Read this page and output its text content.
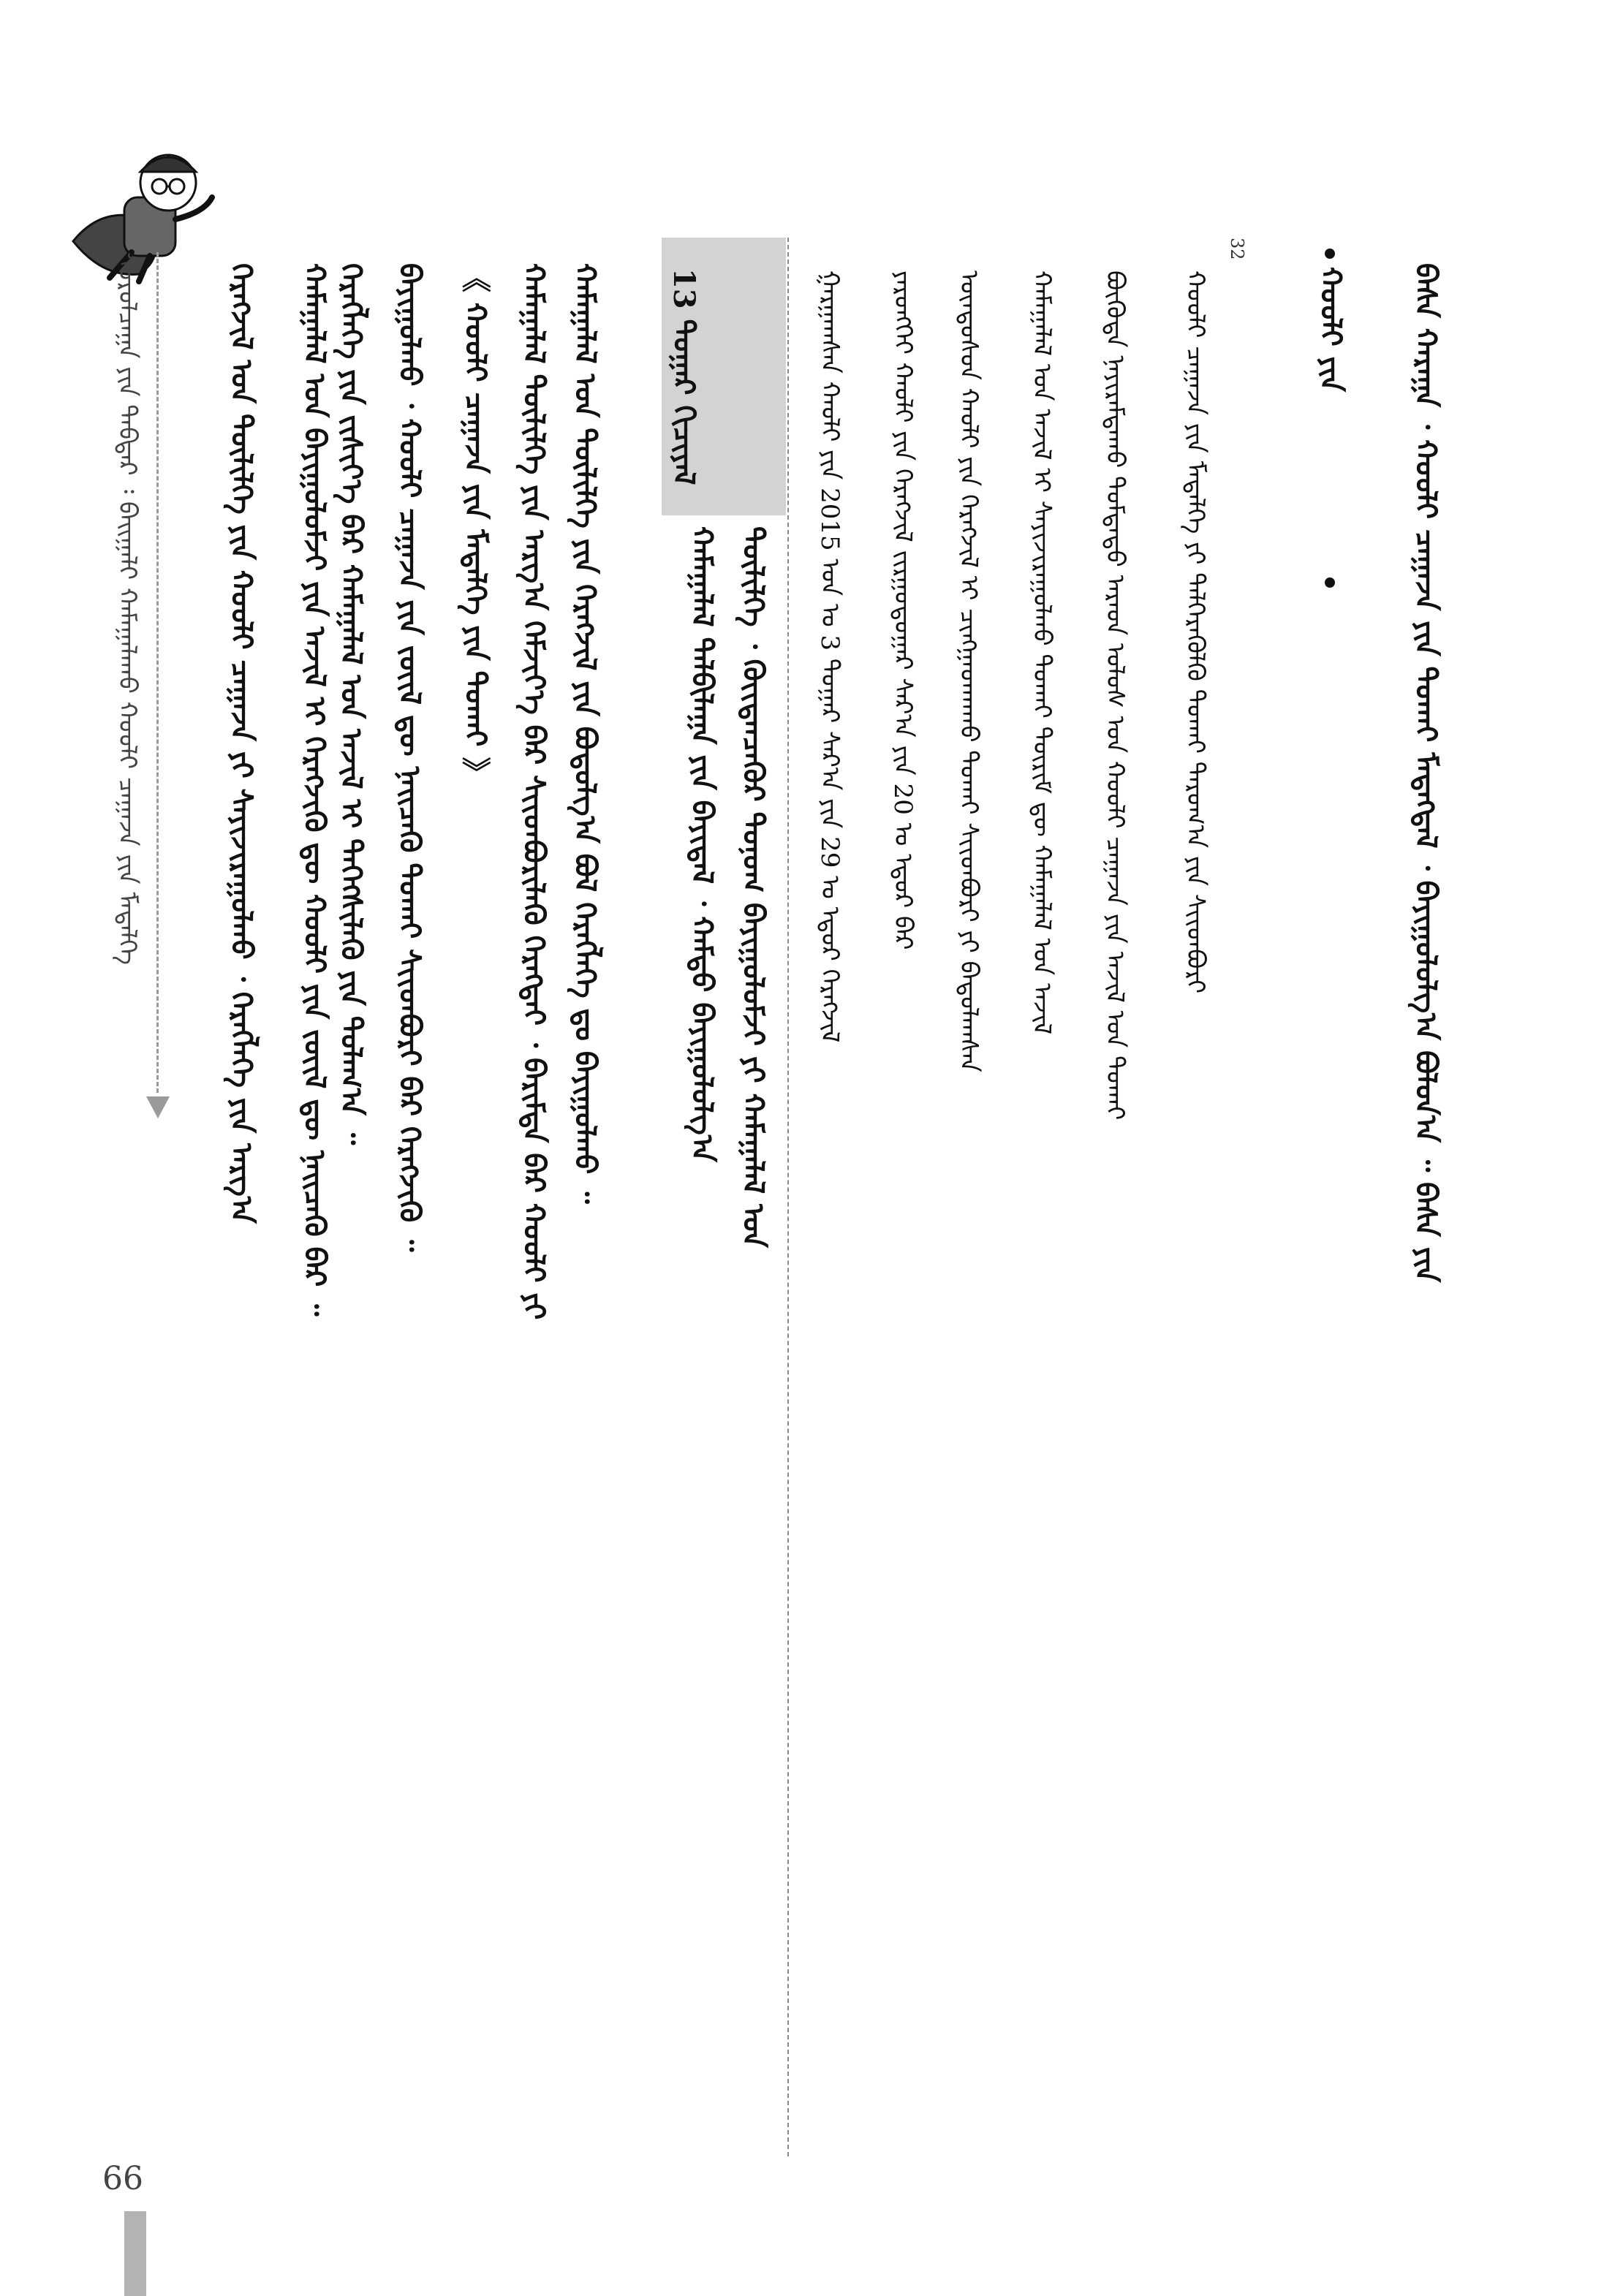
66
ᠰᠤᠷᠤᠯᠴᠠᠭᠠ ᠶᠢᠨ ᠳᠡᠪᠲᠡᠷ ᠄ ᠪᠠᠢᠭᠠᠯᠢ ᠬᠠᠮᠠᠭᠠᠯᠠᠬᠤ ᠬᠤᠤᠯᠢ ᠴᠠᠭᠠᠵᠠ ᠶᠢᠨ ᠮᠡᠳᠡᠯᠭᠡ	ᠬᠡᠷᠡᠭᠵᠢᠯ ᠤᠨ ᠲᠦᠯᠢᠯᠭᠡ ᠶᠢᠨ ᠬᠤᠤᠯᠢ ᠴᠠᠭᠠᠵᠠ ᠶᠢ ᠰᠠᠶᠢᠵᠢᠷᠠᠭᠤᠯᠬᠤ ᠂ ᠬᠡᠷᠡᠭᠯᠡᠭᠡ ᠶᠢᠨ ᠠᠷᠭ᠎ᠠ ᠬᠠᠮᠠᠭᠠᠯᠠᠯ ᠤᠨ ᠪᠠᠶᠢᠭᠤᠯᠤᠮᠵᠢ ᠶᠢᠨ ᠠᠵᠢᠯ ᠢ ᠬᠡᠷᠡᠭᠵᠢᠬᠦ ᠳᠦ ᠬᠤᠤᠯᠢ ᠶᠢᠨ ᠵᠦᠢᠯ ᠳᠦ ᠨᠡᠢᠴᠡᠬᠦ ᠪᠠᠷ ᠃ ᠬᠡᠷᠡᠭᠯᠡᠭᠡ ᠶᠢᠨ ᠵᠢᠱᠢᠶ᠎ᠡ ᠪᠠᠷ ᠬᠠᠮᠠᠭᠠᠯᠠᠯ ᠤᠨ ᠠᠵᠢᠯ ᠢ ᠳᠡᠭᠡᠭᠰᠢᠯᠡᠬᠦ ᠶᠢᠨ ᠲᠤᠯᠠᠭ᠎ᠠ ᠃ ᠪᠠᠶᠢᠭᠤᠯᠬᠤ ᠂ ᠬᠤᠤᠯᠢ ᠴᠠᠭᠠᠵᠠ ᠶᠢᠨ ᠵᠦᠢᠯ ᠳᠦ ᠨᠡᠢᠴᠡᠬᠦ ᠲᠤᠬᠠᠢ ᠰᠢᠢᠳᠪᠦᠷᠢ ᠪᠠᠷ ᠬᠡᠷᠡᠭᠵᠢᠬᠦ ᠃ 《 ᠬᠤᠤᠯᠢ ᠴᠠᠭᠠᠵᠠ ᠶᠢᠨ ᠮᠡᠳᠡᠯᠭᠡ ᠶᠢᠨ ᠲᠤᠬᠠᠢ 》 ᠬᠠᠮᠠᠭᠠᠯᠠᠯ ᠲᠦᠯᠢᠯᠭᠡ ᠶᠢᠨ ᠠᠷᠭ᠎ᠠ ᠬᠡᠮᠵᠢᠶ᠎ᠡ ᠪᠠᠷ ᠰᠢᠢᠳᠪᠦᠷᠢᠯᠡᠬᠦ ᠬᠡᠷᠡᠭᠲᠡᠢ ᠂ ᠪᠠᠷᠢᠮᠲᠠ ᠪᠠᠷ ᠬᠤᠤᠯᠢ ᠶᠢ ᠬᠠᠮᠠᠭᠠᠯᠠᠯ ᠤᠨ ᠲᠦᠯᠢᠯᠭᠡ ᠶᠢᠨ ᠬᠡᠷᠡᠭᠵᠢᠯ ᠶᠢᠨ ᠪᠤᠳᠤᠯᠭ᠎ᠠ ᠪᠣᠯ ᠬᠡᠷᠡᠭᠯᠡᠭᠡ ᠳᠤ ᠪᠠᠶᠢᠭᠤᠯᠬᠤ ᠃ 13 ᠳᠤᠭᠠᠷ ᠬᠢᠴᠢᠶᠡᠯ
ᠲᠦᠯᠢᠯᠭᠡ ᠂ ᠬᠦᠢᠲᠡᠨᠴᠡᠭᠦᠷ ᠲᠣᠨᠣᠭ ᠪᠠᠶᠢᠭᠤᠯᠤᠮᠵᠢ ᠶᠢ ᠬᠠᠮᠠᠭᠠᠯᠠᠯ ᠤᠨ
ᠬᠠᠮᠠᠭᠠᠯᠠᠯ ᠲᠠᠯᠪᠢᠯᠠᠭᠠ ᠶᠢᠨ ᠪᠠᠶᠢᠳᠠᠯ ᠂ ᠬᠠᠮᠲᠤ ᠪᠠᠶᠢᠭᠤᠯᠤᠯᠭ᠎ᠠ	ᠭᠠᠷᠭᠠᠭᠰᠠᠨ ᠬᠠᠤᠯᠢ ᠶᠢᠨ 2015 ᠤᠨ ᠤ 3 ᠳᠤᠭᠠᠷ ᠰᠠᠷ᠎ᠠ ᠶᠢᠨ 29 ᠤ ᠡᠳᠦᠷ ᠬᠡᠷᠡᠭᠵᠢᠯ ᠶᠡᠷᠦᠩᠬᠡᠢ ᠬᠠᠤᠯᠢ ᠶᠢᠨ ᠬᠡᠷᠡᠭᠵᠢᠯ ᠵᠢᠷᠭᠤᠳᠤᠭᠠᠷ ᠰᠠᠷ᠎ᠠ ᠶᠢᠨ 20 ᠤ ᠡᠳᠦᠷ ᠪᠡᠷ ᠦᠨᠳᠦᠰᠦᠨ ᠬᠠᠤᠯᠢ ᠶᠢᠨ ᠬᠡᠷᠡᠭᠵᠢᠯ ᠢ ᠴᠢᠩᠭᠠᠳᠬᠠᠬᠤ ᠲᠤᠬᠠᠢ ᠰᠢᠢᠳᠪᠦᠷᠢ ᠶᠢ ᠪᠠᠲᠤᠯᠠᠭᠰᠠᠨ ᠬᠠᠮᠠᠭᠠᠯᠠᠯ ᠤᠨ ᠠᠵᠢᠯ ᠢ ᠰᠠᠶᠢᠵᠢᠷᠠᠭᠤᠯᠬᠤ ᠲᠤᠬᠠᠢ ᠳᠦᠷᠢᠮ ᠳᠦ ᠬᠠᠮᠠᠭᠠᠯᠠᠯ ᠤᠨ ᠠᠵᠢᠯ ᠪᠦᠭᠦᠳᠡ ᠨᠠᠶᠢᠷᠠᠮᠳᠠᠬᠤ ᠳᠤᠮᠳᠠᠳᠤ ᠠᠷᠠᠳ ᠤᠯᠤᠰ ᠤᠨ ᠬᠤᠤᠯᠢ ᠴᠠᠭᠠᠵᠠ ᠶᠢᠨ ᠠᠵᠢᠯ ᠤᠨ ᠲᠤᠬᠠᠢ ᠬᠤᠤᠯᠢ ᠴᠠᠭᠠᠵᠠ ᠶᠢᠨ ᠮᠡᠳᠡᠯᠭᠡ ᠶᠢ ᠳᠡᠯᠭᠡᠷᠡᠬᠦᠯᠬᠦ ᠲᠤᠬᠠᠢ ᠳᠠᠷᠤᠭ᠎ᠠ ᠶᠢᠨ ᠰᠢᠢᠳᠪᠦᠷᠢ
32
ᠬᠤᠤᠯᠢ ᠶᠢᠨ ᠪᠠᠰᠠ ᠬᠠᠷᠠᠭᠠ ᠂ ᠬᠤᠤᠯᠢ ᠴᠠᠭᠠᠵᠠ ᠶᠢᠨ ᠲᠤᠬᠠᠢ ᠮᠡᠳᠡᠭᠳᠡᠯ ᠂ ᠪᠠᠶᠢᠭᠤᠯᠤᠯᠭ᠎ᠠ ᠪᠣᠯᠤᠨ᠎ᠠ ᠃ ᠪᠠᠰᠠ ᠶᠢᠨ
